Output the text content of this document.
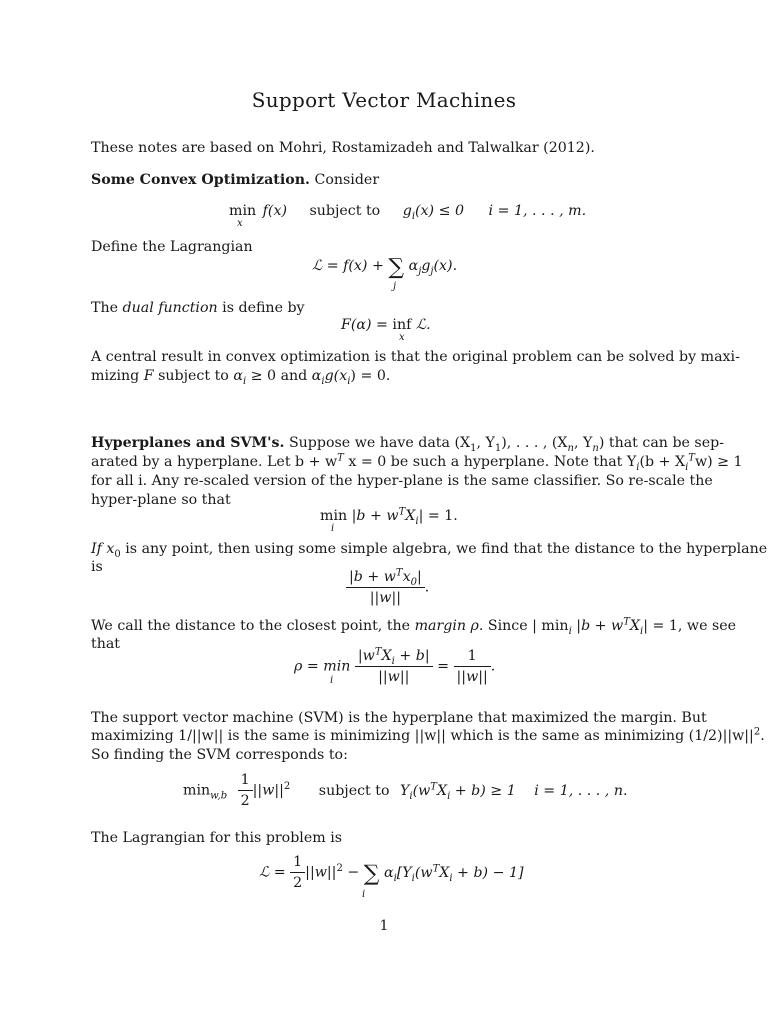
Support Vector Machines
These notes are based on Mohri, Rostamizadeh and Talwalkar (2012).
Some Convex Optimization. Consider
min f(x) subject to $g_i(x) \le 0$ i = 1, . . . , m.
x
Define the Lagrangian
ℒ = f(x) + ∑ $\alpha_jg_j(x)$.
j
The dual function is define by
F(α) = inf ℒ.
x
A central result in convex optimization is that the original problem can be solved by maxi-
mizing F subject to $\alpha_i \ge 0$ and $\alpha_ig(x_i) = 0$.
Hyperplanes and SVM's. Suppose we have data ($X_1$, $Y_1$), . . . , ($X_n$, $Y_n$) that can be sep-
arated by a hyperplane. Let $b + w^T$ x = 0 be such a hyperplane. Note that $Y_i(b + X_i^Tw) \ge 1$
for all i. Any re-scaled version of the hyper-plane is the same classifier. So re-scale the
hyper-plane so that
$\min |b + w^TX_i| = 1$.
i
If $x_0$ is any point, then using some simple algebra, we find that the distance to the hyperplane
is
$\frac{|b + w^Tx_0|}{||w||}$ .
We call the distance to the closest point, the margin ρ. Since | $\min_i |b + w^TX_i| = 1$, we see
that
$\rho = \min \frac{|w^TX_i + b|}{||w||} = \frac{1}{||w||}$ .
i
The support vector machine (SVM) is the hyperplane that maximized the margin. But
maximizing 1/||w|| is the same is minimizing ||w|| which is the same as minimizing $(1/2)||w||^2$.
So finding the SVM corresponds to:
$\min_{w,b} \frac{1}{2} ||w||^2$ subject to $Y_i(w^TX_i + b) \ge 1$ i = 1, . . . , n.
The Lagrangian for this problem is
ℒ = $\frac{1}{2} ||w||^2$ − ∑ $\alpha_i[Y_i(w^TX_i + b) - 1]$
i
1
